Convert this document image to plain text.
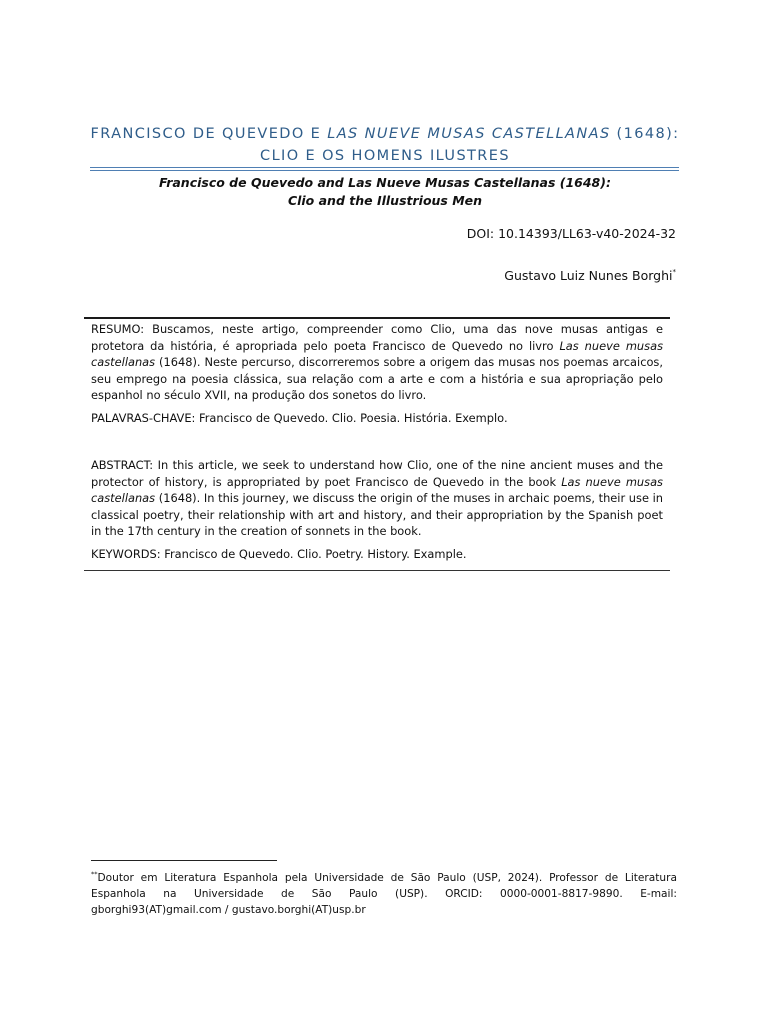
FRANCISCO DE QUEVEDO E LAS NUEVE MUSAS CASTELLANAS (1648):
CLIO E OS HOMENS ILUSTRES
Francisco de Quevedo and Las Nueve Musas Castellanas (1648):
Clio and the Illustrious Men
DOI: 10.14393/LL63-v40-2024-32
Gustavo Luiz Nunes Borghi*
RESUMO: Buscamos, neste artigo, compreender como Clio, uma das nove musas antigas e protetora da história, é apropriada pelo poeta Francisco de Quevedo no livro Las nueve musas castellanas (1648). Neste percurso, discorreremos sobre a origem das musas nos poemas arcaicos, seu emprego na poesia clássica, sua relação com a arte e com a história e sua apropriação pelo espanhol no século XVII, na produção dos sonetos do livro.
PALAVRAS-CHAVE: Francisco de Quevedo. Clio. Poesia. História. Exemplo.
ABSTRACT: In this article, we seek to understand how Clio, one of the nine ancient muses and the protector of history, is appropriated by poet Francisco de Quevedo in the book Las nueve musas castellanas (1648). In this journey, we discuss the origin of the muses in archaic poems, their use in classical poetry, their relationship with art and history, and their appropriation by the Spanish poet in the 17th century in the creation of sonnets in the book.
KEYWORDS: Francisco de Quevedo. Clio. Poetry. History. Example.
**Doutor em Literatura Espanhola pela Universidade de São Paulo (USP, 2024). Professor de Literatura Espanhola na Universidade de São Paulo (USP). ORCID: 0000-0001-8817-9890. E-mail: gborghi93(AT)gmail.com / gustavo.borghi(AT)usp.br
